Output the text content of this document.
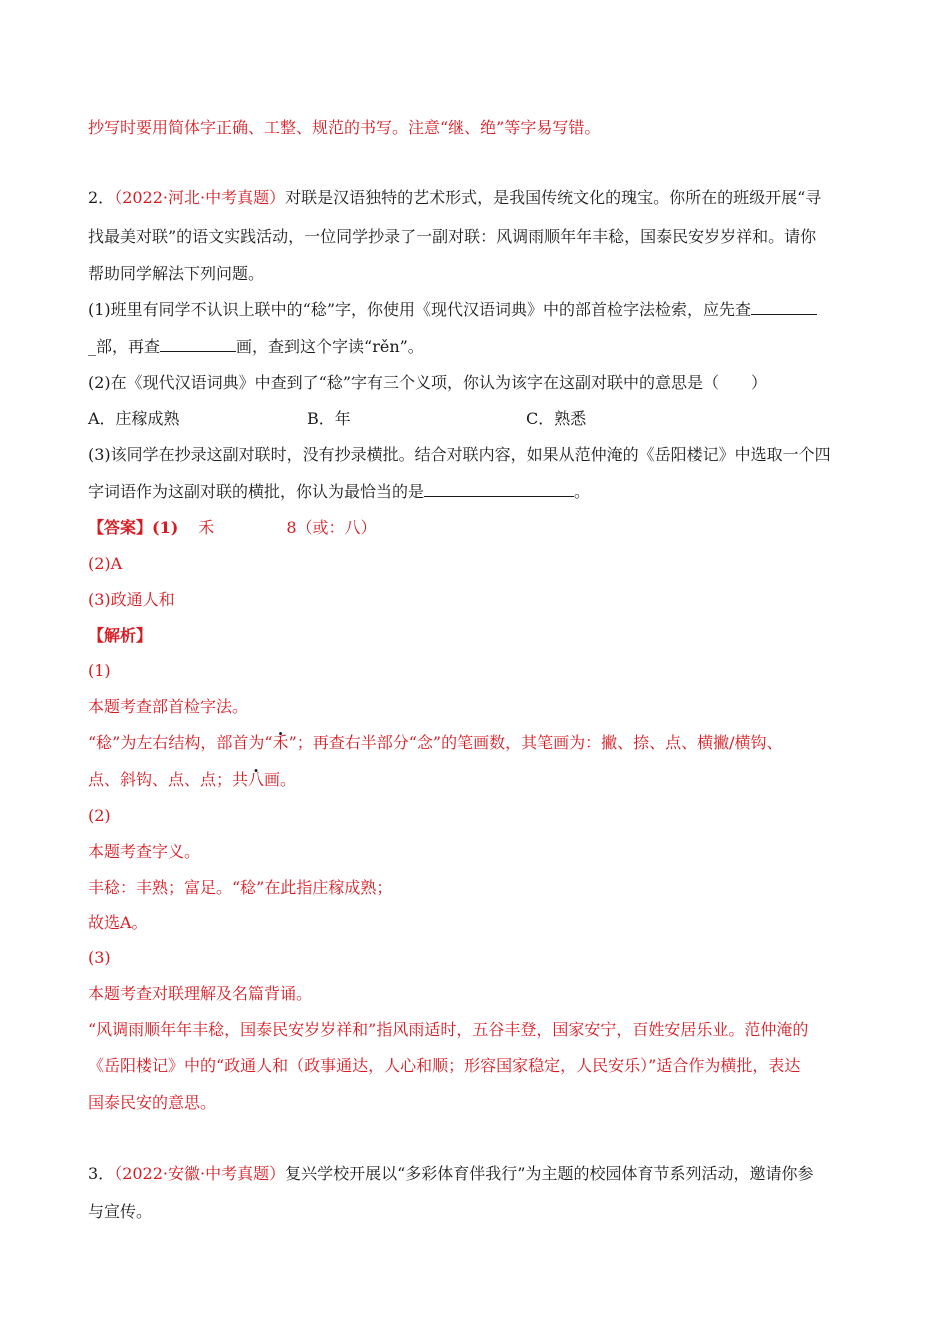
抄写时要用简体字正确、工整、规范的书写。注意“继、绝”等字易写错。
2．（2022·河北·中考真题）对联是汉语独特的艺术形式，是我国传统文化的瑰宝。你所在的班级开展“寻
找最美对联”的语文实践活动，一位同学抄录了一副对联：风调雨顺年年丰稔，国泰民安岁岁祥和。请你
帮助同学解法下列问题。
(1)班里有同学不认识上联中的“稔”字，你使用《现代汉语词典》中的部首检字法检索，应先查
_部，再查	画，查到这个字读“rěn”。
(2)在《现代汉语词典》中查到了“稔”字有三个义项，你认为该字在这副对联中的意思是（　　）
A．庄稼成熟	B．年	C．熟悉
(3)该同学在抄录这副对联时，没有抄录横批。结合对联内容，如果从范仲淹的《岳阳楼记》中选取一个四
字词语作为这副对联的横批，你认为最恰当的是	。
【答案】(1) 禾	8（或：八）
(2)A
(3)政通人和
【解析】
(1)
本题考查部首检字法。
“稔”为左右结构，部首为“禾”；再查右半部分“念”的笔画数，其笔画为：撇、捺、点、横撇/横钩、
点、斜钩、点、点；共八画。
(2)
本题考查字义。
丰稔：丰熟；富足。“稔”在此指庄稼成熟；
故选A。
(3)
本题考查对联理解及名篇背诵。
“风调雨顺年年丰稔，国泰民安岁岁祥和”指风雨适时，五谷丰登，国家安宁，百姓安居乐业。范仲淹的
《岳阳楼记》中的“政通人和（政事通达，人心和顺；形容国家稳定，人民安乐）”适合作为横批，表达
国泰民安的意思。
3．（2022·安徽·中考真题）复兴学校开展以“多彩体育伴我行”为主题的校园体育节系列活动，邀请你参
与宣传。
